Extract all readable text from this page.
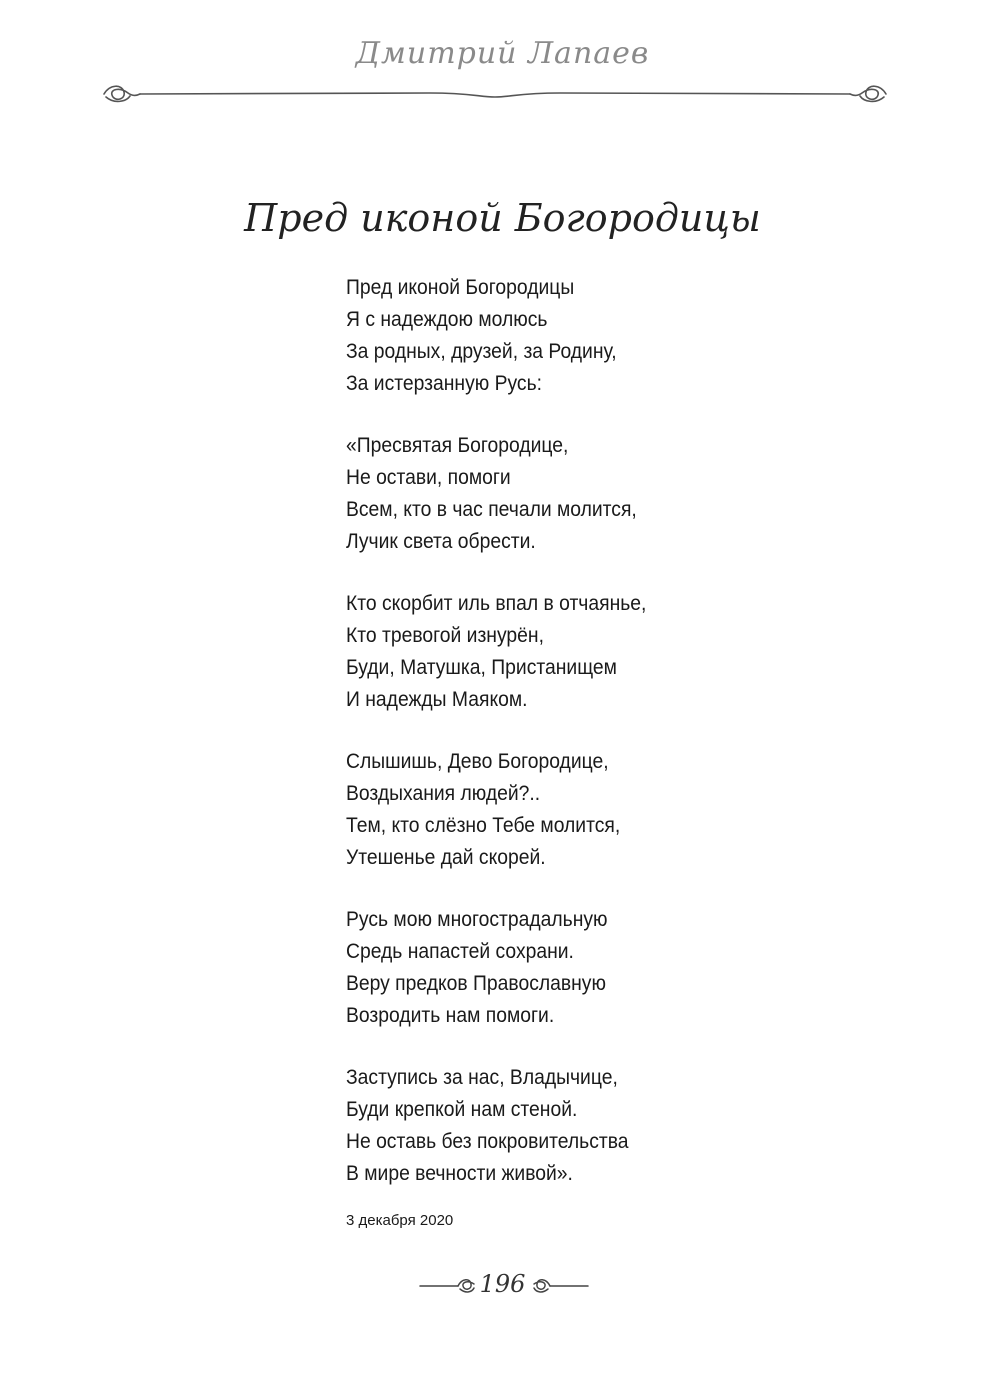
Дмитрий Лапаев
Пред иконой Богородицы
Пред иконой Богородицы
Я с надеждою молюсь
За родных, друзей, за Родину,
За истерзанную Русь:
«Пресвятая Богородице,
Не остави, помоги
Всем, кто в час печали молится,
Лучик света обрести.
Кто скорбит иль впал в отчаянье,
Кто тревогой изнурён,
Буди, Матушка, Пристанищем
И надежды Маяком.
Слышишь, Дево Богородице,
Воздыхания людей?..
Тем, кто слёзно Тебе молится,
Утешенье дай скорей.
Русь мою многострадальную
Средь напастей сохрани.
Веру предков Православную
Возродить нам помоги.
Заступись за нас, Владычице,
Буди крепкой нам стеной.
Не оставь без покровительства
В мире вечности живой».
3 декабря 2020
196
